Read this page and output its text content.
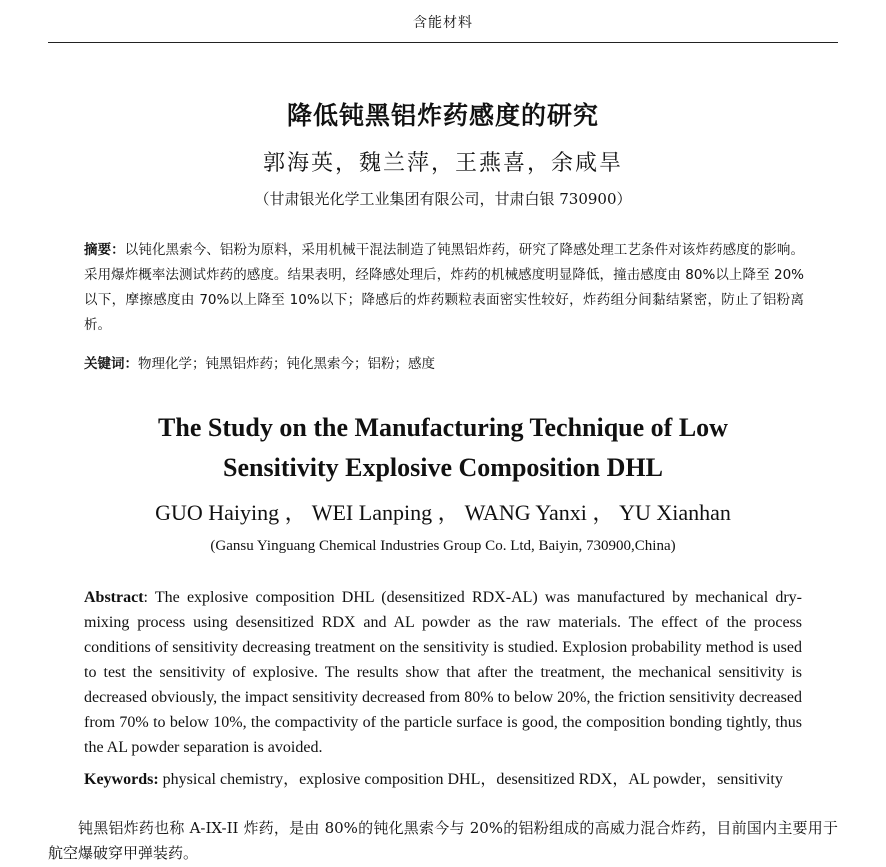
含能材料
降低钝黑铝炸药感度的研究
郭海英，魏兰萍，王燕喜，余咸旱
（甘肃银光化学工业集团有限公司，甘肃白银 730900）
摘要：以钝化黑索今、铝粉为原料，采用机械干混法制造了钝黑铝炸药，研究了降感处理工艺条件对该炸药感度的影响。采用爆炸概率法测试炸药的感度。结果表明，经降感处理后，炸药的机械感度明显降低，撞击感度由 80%以上降至 20%以下，摩擦感度由 70%以上降至 10%以下；降感后的炸药颗粒表面密实性较好，炸药组分间黏结紧密，防止了铝粉离析。
关键词：物理化学；钝黑铝炸药；钝化黑索今；铝粉；感度
The Study on the Manufacturing Technique of Low
Sensitivity Explosive Composition DHL
GUO Haiying ， WEI Lanping ， WANG Yanxi ， YU Xianhan
(Gansu Yinguang Chemical Industries Group Co. Ltd, Baiyin, 730900,China)
Abstract: The explosive composition DHL (desensitized RDX-AL) was manufactured by mechanical dry-mixing process using desensitized RDX and AL powder as the raw materials. The effect of the process conditions of sensitivity decreasing treatment on the sensitivity is studied. Explosion probability method is used to test the sensitivity of explosive. The results show that after the treatment, the mechanical sensitivity is decreased obviously, the impact sensitivity decreased from 80% to below 20%, the friction sensitivity decreased from 70% to below 10%, the compactivity of the particle surface is good, the composition bonding tightly, thus the AL powder separation is avoided.
Keywords: physical chemistry，explosive composition DHL，desensitized RDX，AL powder，sensitivity
钝黑铝炸药也称 A-IX-II 炸药，是由 80%的钝化黑索今与 20%的铝粉组成的高威力混合炸药，目前国内主要用于航空爆破穿甲弹装药。
